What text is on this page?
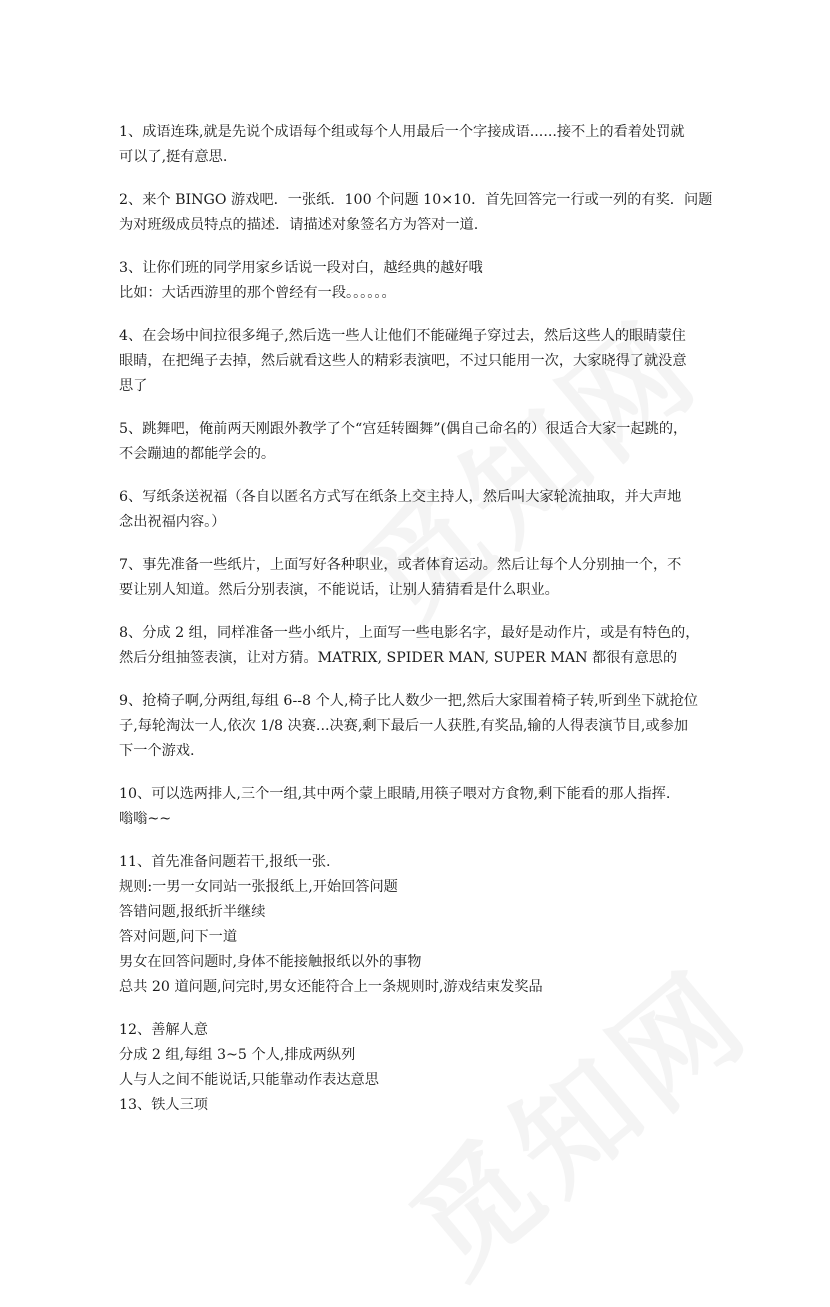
1、成语连珠,就是先说个成语每个组或每个人用最后一个字接成语......接不上的看着处罚就
可以了,挺有意思.
2、来个 BINGO 游戏吧．一张纸．100 个问题 10×10．首先回答完一行或一列的有奖．问题
为对班级成员特点的描述．请描述对象签名方为答对一道.
3、让你们班的同学用家乡话说一段对白，越经典的越好哦
比如：大话西游里的那个曾经有一段。。。。。。
4、在会场中间拉很多绳子,然后选一些人让他们不能碰绳子穿过去，然后这些人的眼睛蒙住
眼睛，在把绳子去掉，然后就看这些人的精彩表演吧，不过只能用一次，大家晓得了就没意
思了
5、跳舞吧，俺前两天刚跟外教学了个“宫廷转圈舞”(偶自己命名的）很适合大家一起跳的，
不会蹦迪的都能学会的。
6、写纸条送祝福（各自以匿名方式写在纸条上交主持人，然后叫大家轮流抽取，并大声地
念出祝福内容。）
7、事先准备一些纸片，上面写好各种职业，或者体育运动。然后让每个人分别抽一个，不
要让别人知道。然后分别表演，不能说话，让别人猜猜看是什么职业。
8、分成 2 组，同样准备一些小纸片，上面写一些电影名字，最好是动作片，或是有特色的，
然后分组抽签表演，让对方猜。MATRIX, SPIDER MAN, SUPER MAN 都很有意思的
9、抢椅子啊,分两组,每组 6--8 个人,椅子比人数少一把,然后大家围着椅子转,听到坐下就抢位
子,每轮淘汰一人,依次 1/8 决赛...决赛,剩下最后一人获胜,有奖品,输的人得表演节目,或参加
下一个游戏.
10、可以选两排人,三个一组,其中两个蒙上眼睛,用筷子喂对方食物,剩下能看的那人指挥.
嗡嗡~~
11、首先准备问题若干,报纸一张.
规则:一男一女同站一张报纸上,开始回答问题
答错问题,报纸折半继续
答对问题,问下一道
男女在回答问题时,身体不能接触报纸以外的事物
总共 20 道问题,问完时,男女还能符合上一条规则时,游戏结束发奖品
12、善解人意
分成 2 组,每组 3~5 个人,排成两纵列
人与人之间不能说话,只能靠动作表达意思
13、铁人三项
